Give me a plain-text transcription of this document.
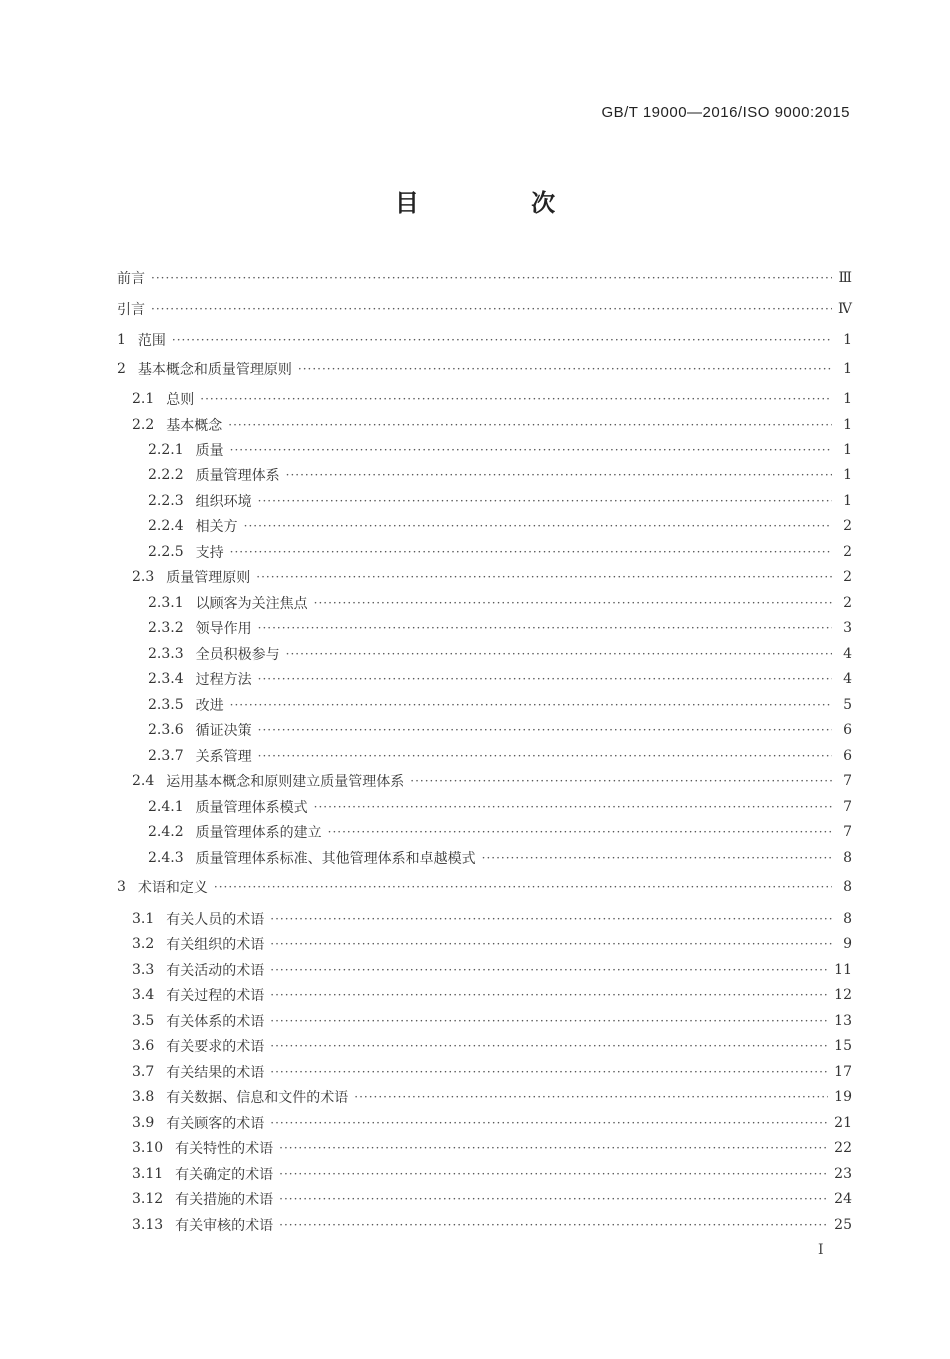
GB/T 19000—2016/ISO 9000:2015
目 次
前言 ·····	Ⅲ
引言 ·····	Ⅳ
1 范围 ·····	1
2 基本概念和质量管理原则 ·····	1
2.1 总则 ·····	1
2.2 基本概念 ·····	1
2.2.1 质量 ·····	1
2.2.2 质量管理体系 ·····	1
2.2.3 组织环境 ·····	1
2.2.4 相关方 ·····	2
2.2.5 支持 ·····	2
2.3 质量管理原则 ·····	2
2.3.1 以顾客为关注焦点 ·····	2
2.3.2 领导作用 ·····	3
2.3.3 全员积极参与 ·····	4
2.3.4 过程方法 ·····	4
2.3.5 改进 ·····	5
2.3.6 循证决策 ·····	6
2.3.7 关系管理 ·····	6
2.4 运用基本概念和原则建立质量管理体系 ·····	7
2.4.1 质量管理体系模式 ·····	7
2.4.2 质量管理体系的建立 ·····	7
2.4.3 质量管理体系标准、其他管理体系和卓越模式 ·····	8
3 术语和定义 ·····	8
3.1 有关人员的术语 ·····	8
3.2 有关组织的术语 ·····	9
3.3 有关活动的术语 ·····	11
3.4 有关过程的术语 ·····	12
3.5 有关体系的术语 ·····	13
3.6 有关要求的术语 ·····	15
3.7 有关结果的术语 ·····	17
3.8 有关数据、信息和文件的术语 ·····	19
3.9 有关顾客的术语 ·····	21
3.10 有关特性的术语 ·····	22
3.11 有关确定的术语 ·····	23
3.12 有关措施的术语 ·····	24
3.13 有关审核的术语 ·····	25
I
